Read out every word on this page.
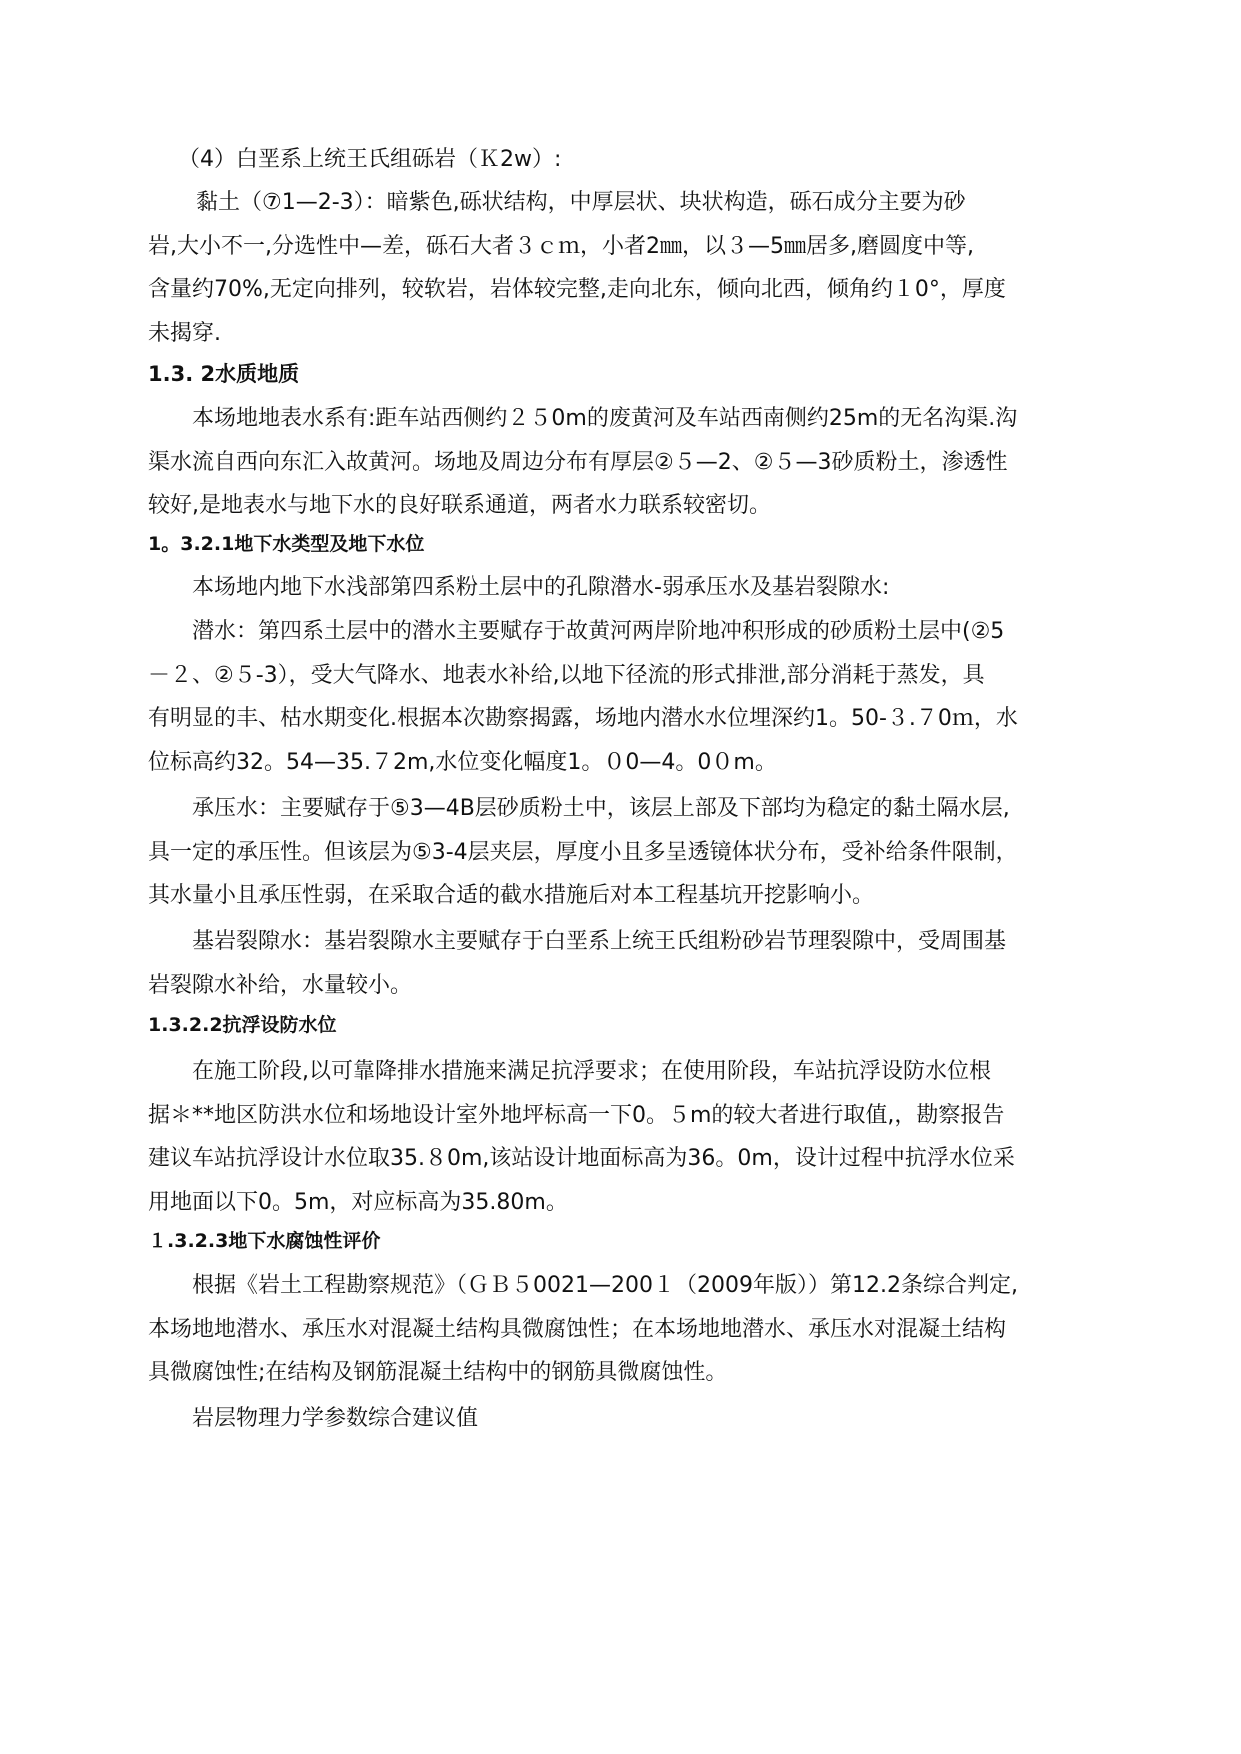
（4）白垩系上统王氏组砾岩（Ｋ2w）:

黏土（⑦1—2-3）：暗紫色,砾状结构，中厚层状、块状构造，砾石成分主要为砂
岩,大小不一,分选性中—差，砾石大者３ｃｍ，小者2㎜，以３—5㎜居多,磨圆度中等,
含量约70%,无定向排列，较软岩，岩体较完整,走向北东，倾向北西，倾角约１0°，厚度
未揭穿.

1.3. 2水质地质

本场地地表水系有:距车站西侧约２５0m的废黄河及车站西南侧约25m的无名沟渠.沟
渠水流自西向东汇入故黄河。场地及周边分布有厚层②５—2、②５—3砂质粉土，渗透性
较好,是地表水与地下水的良好联系通道，两者水力联系较密切。

1。3.2.1地下水类型及地下水位

本场地内地下水浅部第四系粉土层中的孔隙潜水-弱承压水及基岩裂隙水:

潜水：第四系土层中的潜水主要赋存于故黄河两岸阶地冲积形成的砂质粉土层中(②5
－２、②５-3），受大气降水、地表水补给,以地下径流的形式排泄,部分消耗于蒸发，具
有明显的丰、枯水期变化.根据本次勘察揭露，场地内潜水水位埋深约1。50-３.７0ｍ，水
位标高约32。54—35.７2m,水位变化幅度1。０0—4。0０m。

承压水：主要赋存于⑤3—4B层砂质粉土中，该层上部及下部均为稳定的黏土隔水层,
具一定的承压性。但该层为⑤3-4层夹层，厚度小且多呈透镜体状分布，受补给条件限制，
其水量小且承压性弱，在采取合适的截水措施后对本工程基坑开挖影响小。

基岩裂隙水：基岩裂隙水主要赋存于白垩系上统王氏组粉砂岩节理裂隙中，受周围基
岩裂隙水补给，水量较小。

1.3.2.2抗浮设防水位

在施工阶段,以可靠降排水措施来满足抗浮要求；在使用阶段，车站抗浮设防水位根
据＊**地区防洪水位和场地设计室外地坪标高一下0。５m的较大者进行取值,，勘察报告
建议车站抗浮设计水位取35.８0m,该站设计地面标高为36。0m，设计过程中抗浮水位采
用地面以下0。5m，对应标高为35.80m。

１.3.2.3地下水腐蚀性评价

根据《岩土工程勘察规范》（ＧＢ５0021—200１（2009年版））第12.2条综合判定,
本场地地潜水、承压水对混凝土结构具微腐蚀性；在本场地地潜水、承压水对混凝土结构
具微腐蚀性;在结构及钢筋混凝土结构中的钢筋具微腐蚀性。

岩层物理力学参数综合建议值
